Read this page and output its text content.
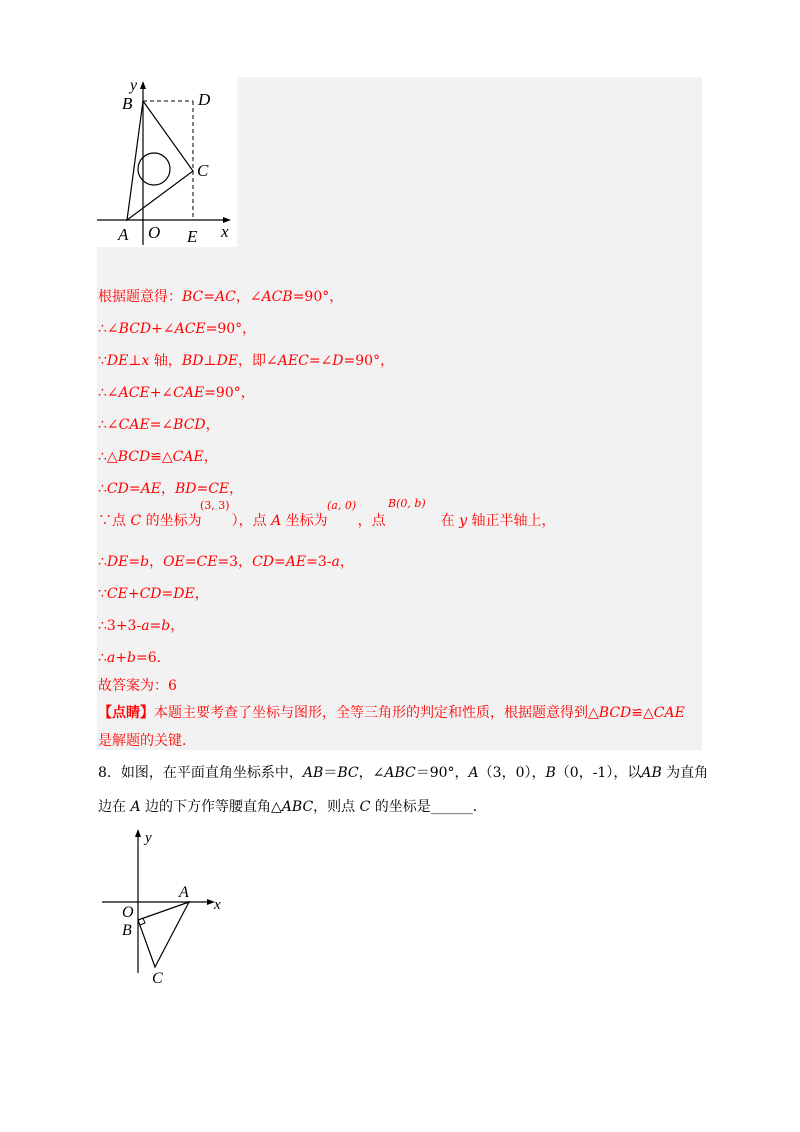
y
B	D
C
A O E x
根据题意得：BC=AC，∠ACB=90°，
∴∠BCD+∠ACE=90°，
∵DE⊥x 轴，BD⊥DE，即∠AEC=∠D=90°，
∴∠ACE+∠CAE=90°，
∴∠CAE=∠BCD，
∴△BCD≌△CAE，
∴CD=AE，BD=CE，
(3, 3)	(a, 0)	B(0, b)
∵点 C 的坐标为 ），点 A 坐标为 ，点	在 y 轴正半轴上，
∴DE=b，OE=CE=3，CD=AE=3-a，
∵CE+CD=DE，
∴3+3-a=b，
∴a+b=6．
故答案为：6
【点睛】本题主要考查了坐标与图形，全等三角形的判定和性质，根据题意得到△BCD≌△CAE
是解题的关键.
8．如图，在平面直角坐标系中，AB＝BC，∠ABC＝90°，A（3，0），B（0，-1），以AB 为直角
边在 A 边的下方作等腰直角△ABC，则点 C 的坐标是______．
y
A
x
O
B
C
